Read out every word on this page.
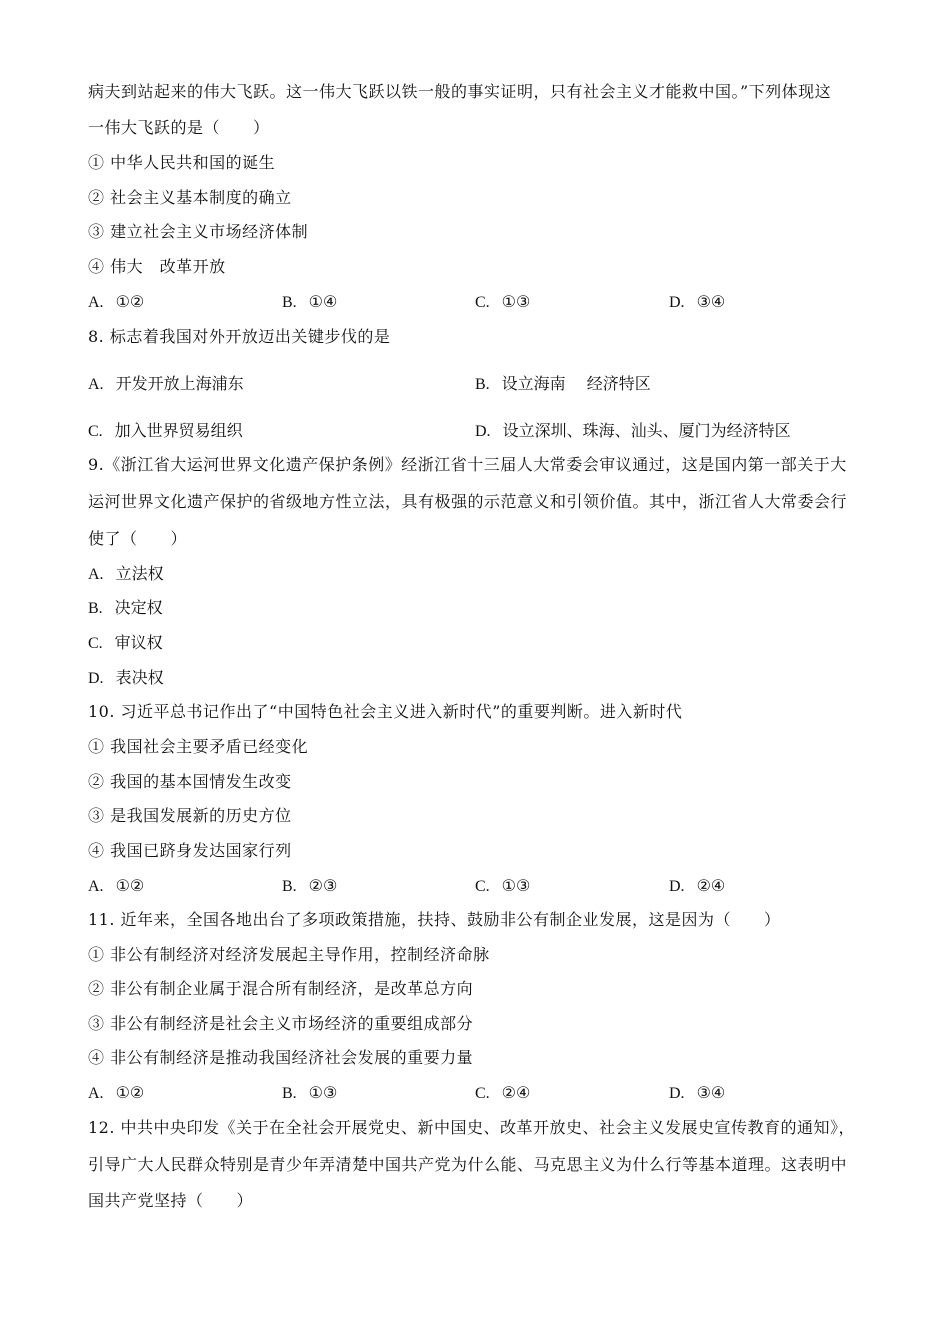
病夫到站起来的伟大飞跃。这一伟大飞跃以铁一般的事实证明，只有社会主义才能救中国。”下列体现这
一伟大飞跃的是（　　）
① 中华人民共和国的诞生
② 社会主义基本制度的确立
③ 建立社会主义市场经济体制
④ 伟大　改革开放
A. ①②	B. ①④	C. ①③	D. ③④
8. 标志着我国对外开放迈出关键步伐的是
A. 开发开放上海浦东	B. 设立海南　 经济特区
C. 加入世界贸易组织	D. 设立深圳、珠海、汕头、厦门为经济特区
9.《浙江省大运河世界文化遗产保护条例》经浙江省十三届人大常委会审议通过，这是国内第一部关于大
运河世界文化遗产保护的省级地方性立法，具有极强的示范意义和引领价值。其中，浙江省人大常委会行
使了（　　）
A. 立法权
B. 决定权
C. 审议权
D. 表决权
10. 习近平总书记作出了“中国特色社会主义进入新时代”的重要判断。进入新时代
① 我国社会主要矛盾已经变化
② 我国的基本国情发生改变
③ 是我国发展新的历史方位
④ 我国已跻身发达国家行列
A. ①②	B. ②③	C. ①③	D. ②④
11. 近年来，全国各地出台了多项政策措施，扶持、鼓励非公有制企业发展，这是因为（　　）
① 非公有制经济对经济发展起主导作用，控制经济命脉
② 非公有制企业属于混合所有制经济，是改革总方向
③ 非公有制经济是社会主义市场经济的重要组成部分
④ 非公有制经济是推动我国经济社会发展的重要力量
A. ①②	B. ①③	C. ②④	D. ③④
12. 中共中央印发《关于在全社会开展党史、新中国史、改革开放史、社会主义发展史宣传教育的通知》，
引导广大人民群众特别是青少年弄清楚中国共产党为什么能、马克思主义为什么行等基本道理。这表明中
国共产党坚持（　　）
